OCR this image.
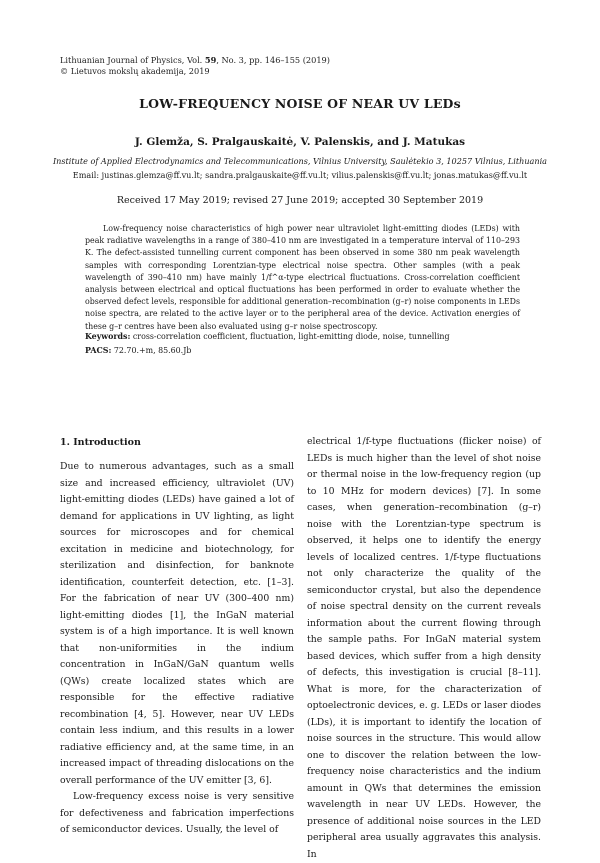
Lithuanian Journal of Physics, Vol. 59, No. 3, pp. 146–155 (2019)
© Lietuvos mokslų akademija, 2019
LOW-FREQUENCY NOISE OF NEAR UV LEDs
J. Glemža, S. Pralgauskaitė, V. Palenskis, and J. Matukas
Institute of Applied Electrodynamics and Telecommunications, Vilnius University, Saulėtekio 3, 10257 Vilnius, Lithuania
Email: justinas.glemza@ff.vu.lt; sandra.pralgauskaite@ff.vu.lt; vilius.palenskis@ff.vu.lt; jonas.matukas@ff.vu.lt
Received 17 May 2019; revised 27 June 2019; accepted 30 September 2019
Low-frequency noise characteristics of high power near ultraviolet light-emitting diodes (LEDs) with peak radiative wavelengths in a range of 380–410 nm are investigated in a temperature interval of 110–293 K. The defect-assisted tunnelling current component has been observed in some 380 nm peak wavelength samples with corresponding Lorentzian-type electrical noise spectra. Other samples (with a peak wavelength of 390–410 nm) have mainly 1/f^α-type electrical fluctuations. Cross-correlation coefficient analysis between electrical and optical fluctuations has been performed in order to evaluate whether the observed defect levels, responsible for additional generation–recombination (g–r) noise components in LEDs noise spectra, are related to the active layer or to the peripheral area of the device. Activation energies of these g–r centres have been also evaluated using g–r noise spectroscopy.
Keywords: cross-correlation coefficient, fluctuation, light-emitting diode, noise, tunnelling
PACS: 72.70.+m, 85.60.Jb
1. Introduction

Due to numerous advantages, such as a small size and increased efficiency, ultraviolet (UV) light-emitting diodes (LEDs) have gained a lot of demand for applications in UV lighting, as light sources for microscopes and for chemical excitation in medicine and biotechnology, for sterilization and disinfection, for banknote identification, counterfeit detection, etc. [1–3]. For the fabrication of near UV (300–400 nm) light-emitting diodes [1], the InGaN material system is of a high importance. It is well known that non-uniformities in the indium concentration in InGaN/GaN quantum wells (QWs) create localized states which are responsible for the effective radiative recombination [4, 5]. However, near UV LEDs contain less indium, and this results in a lower radiative efficiency and, at the same time, in an increased impact of threading dislocations on the overall performance of the UV emitter [3, 6].

Low-frequency excess noise is very sensitive for defectiveness and fabrication imperfections of semiconductor devices. Usually, the level of

electrical 1/f-type fluctuations (flicker noise) of LEDs is much higher than the level of shot noise or thermal noise in the low-frequency region (up to 10 MHz for modern devices) [7]. In some cases, when generation–recombination (g–r) noise with the Lorentzian-type spectrum is observed, it helps one to identify the energy levels of localized centres. 1/f-type fluctuations not only characterize the quality of the semiconductor crystal, but also the dependence of noise spectral density on the current reveals information about the current flowing through the sample paths. For InGaN material system based devices, which suffer from a high density of defects, this investigation is crucial [8–11]. What is more, for the characterization of optoelectronic devices, e. g. LEDs or laser diodes (LDs), it is important to identify the location of noise sources in the structure. This would allow one to discover the relation between the low-frequency noise characteristics and the indium amount in QWs that determines the emission wavelength in near UV LEDs. However, the presence of additional noise sources in the LED peripheral area usually aggravates this analysis. In
